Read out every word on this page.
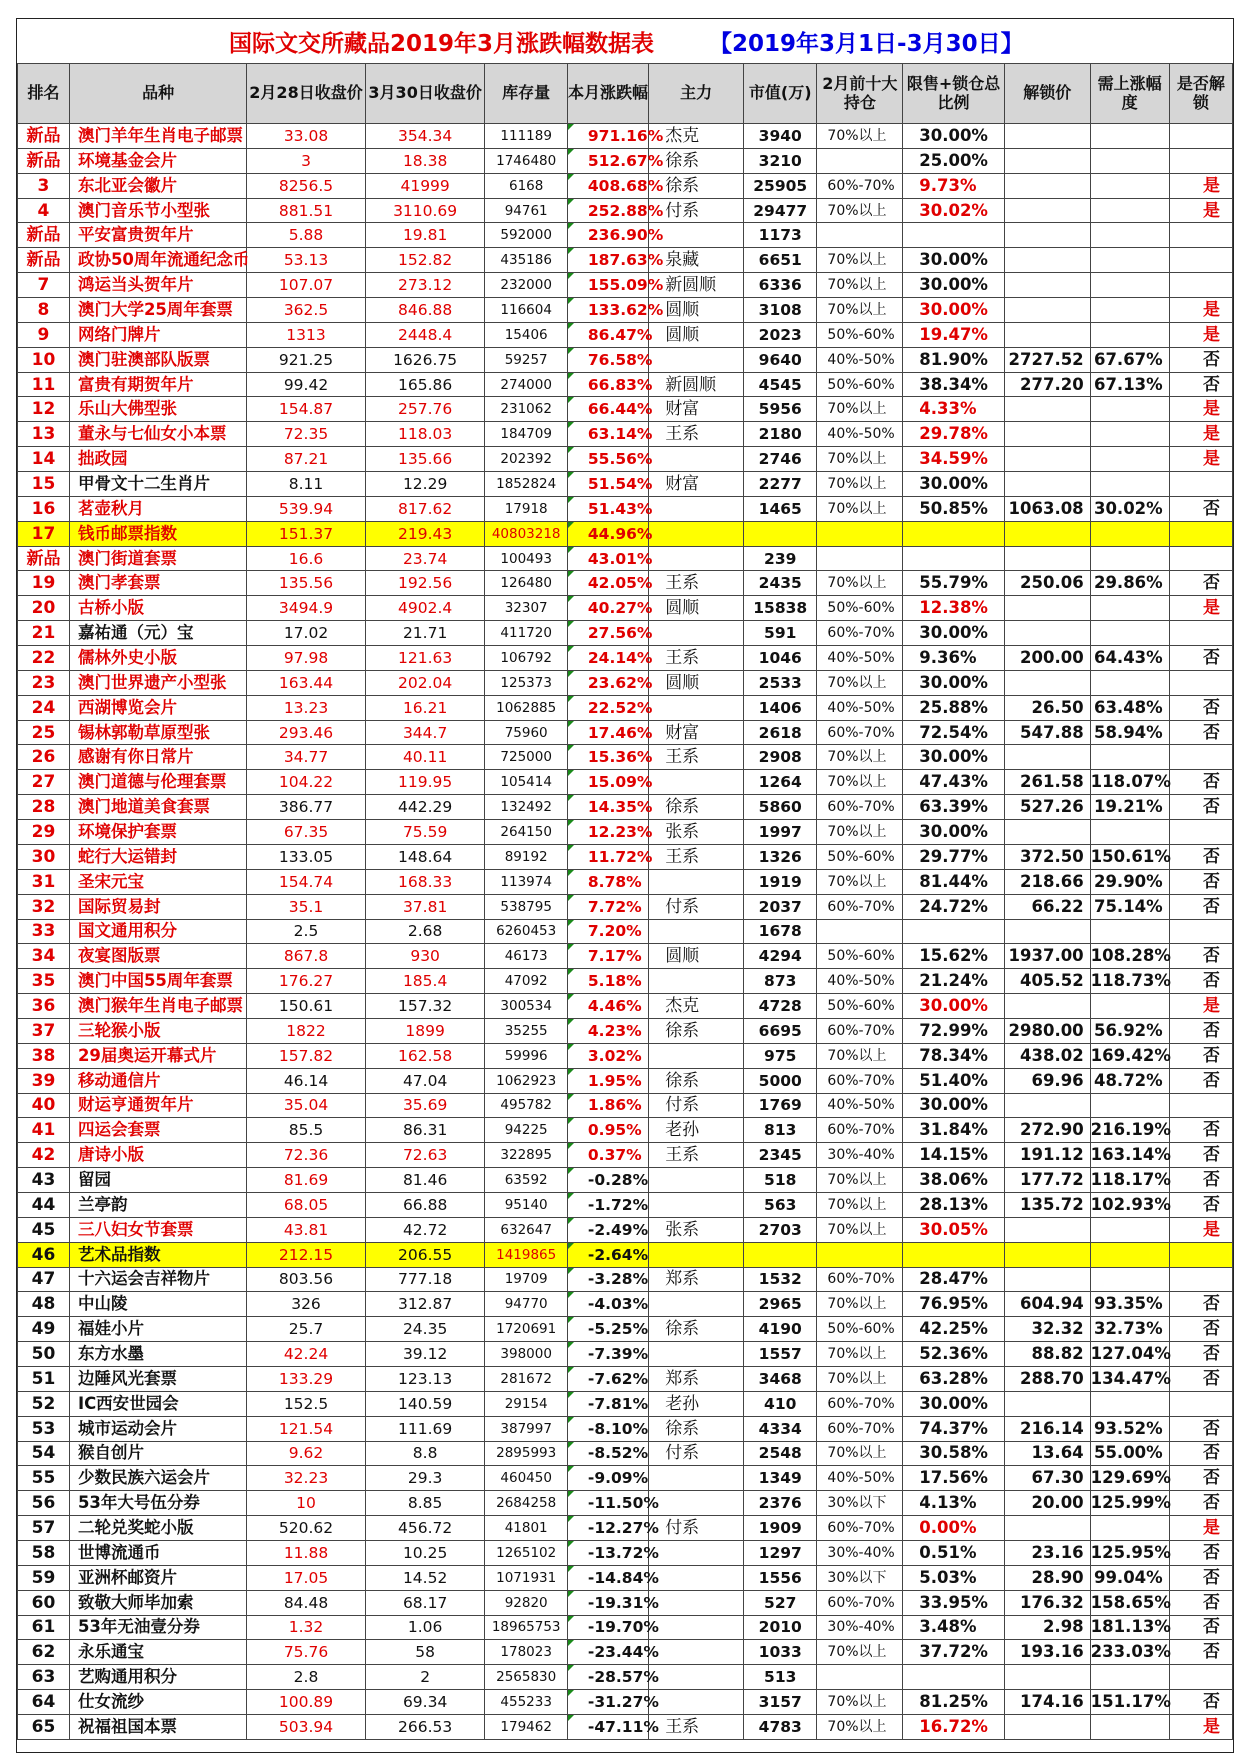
国际文交所藏品2019年3月涨跌幅数据表 【2019年3月1日-3月30日】
排名	品种	2月28日收盘价	3月30日收盘价	库存量	本月涨跌幅	主力	市值(万)	2月前十大持仓	限售+锁仓总比例	解锁价	需上涨幅度	是否解锁
新品	澳门羊年生肖电子邮票	33.08	354.34	111189	971.16%	杰克	3940	70%以上	30.00%			
新品	环境基金会片	3	18.38	1746480	512.67%	徐系	3210		25.00%			
3	东北亚会徽片	8256.5	41999	6168	408.68%	徐系	25905	60%-70%	9.73%			是
4	澳门音乐节小型张	881.51	3110.69	94761	252.88%	付系	29477	70%以上	30.02%			是
新品	平安富贵贺年片	5.88	19.81	592000	236.90%		1173					
新品	政协50周年流通纪念币	53.13	152.82	435186	187.63%	泉藏	6651	70%以上	30.00%			
7	鸿运当头贺年片	107.07	273.12	232000	155.09%	新圆顺	6336	70%以上	30.00%			
8	澳门大学25周年套票	362.5	846.88	116604	133.62%	圆顺	3108	70%以上	30.00%			是
9	网络门牌片	1313	2448.4	15406	86.47%	圆顺	2023	50%-60%	19.47%			是
10	澳门驻澳部队版票	921.25	1626.75	59257	76.58%		9640	40%-50%	81.90%	2727.52	67.67%	否
11	富贵有期贺年片	99.42	165.86	274000	66.83%	新圆顺	4545	50%-60%	38.34%	277.20	67.13%	否
12	乐山大佛型张	154.87	257.76	231062	66.44%	财富	5956	70%以上	4.33%			是
13	董永与七仙女小本票	72.35	118.03	184709	63.14%	王系	2180	40%-50%	29.78%			是
14	拙政园	87.21	135.66	202392	55.56%		2746	70%以上	34.59%			是
15	甲骨文十二生肖片	8.11	12.29	1852824	51.54%	财富	2277	70%以上	30.00%			
16	茗壶秋月	539.94	817.62	17918	51.43%		1465	70%以上	50.85%	1063.08	30.02%	否
17	钱币邮票指数	151.37	219.43	40803218	44.96%							
新品	澳门街道套票	16.6	23.74	100493	43.01%		239					
19	澳门孝套票	135.56	192.56	126480	42.05%	王系	2435	70%以上	55.79%	250.06	29.86%	否
20	古桥小版	3494.9	4902.4	32307	40.27%	圆顺	15838	50%-60%	12.38%			是
21	嘉祐通（元）宝	17.02	21.71	411720	27.56%		591	60%-70%	30.00%			
22	儒林外史小版	97.98	121.63	106792	24.14%	王系	1046	40%-50%	9.36%	200.00	64.43%	否
23	澳门世界遗产小型张	163.44	202.04	125373	23.62%	圆顺	2533	70%以上	30.00%			
24	西湖博览会片	13.23	16.21	1062885	22.52%		1406	40%-50%	25.88%	26.50	63.48%	否
25	锡林郭勒草原型张	293.46	344.7	75960	17.46%	财富	2618	60%-70%	72.54%	547.88	58.94%	否
26	感谢有你日常片	34.77	40.11	725000	15.36%	王系	2908	70%以上	30.00%			
27	澳门道德与伦理套票	104.22	119.95	105414	15.09%		1264	70%以上	47.43%	261.58	118.07%	否
28	澳门地道美食套票	386.77	442.29	132492	14.35%	徐系	5860	60%-70%	63.39%	527.26	19.21%	否
29	环境保护套票	67.35	75.59	264150	12.23%	张系	1997	70%以上	30.00%			
30	蛇行大运错封	133.05	148.64	89192	11.72%	王系	1326	50%-60%	29.77%	372.50	150.61%	否
31	圣宋元宝	154.74	168.33	113974	8.78%		1919	70%以上	81.44%	218.66	29.90%	否
32	国际贸易封	35.1	37.81	538795	7.72%	付系	2037	60%-70%	24.72%	66.22	75.14%	否
33	国文通用积分	2.5	2.68	6260453	7.20%		1678					
34	夜宴图版票	867.8	930	46173	7.17%	圆顺	4294	50%-60%	15.62%	1937.00	108.28%	否
35	澳门中国55周年套票	176.27	185.4	47092	5.18%		873	40%-50%	21.24%	405.52	118.73%	否
36	澳门猴年生肖电子邮票	150.61	157.32	300534	4.46%	杰克	4728	50%-60%	30.00%			是
37	三轮猴小版	1822	1899	35255	4.23%	徐系	6695	60%-70%	72.99%	2980.00	56.92%	否
38	29届奥运开幕式片	157.82	162.58	59996	3.02%		975	70%以上	78.34%	438.02	169.42%	否
39	移动通信片	46.14	47.04	1062923	1.95%	徐系	5000	60%-70%	51.40%	69.96	48.72%	否
40	财运亨通贺年片	35.04	35.69	495782	1.86%	付系	1769	40%-50%	30.00%			
41	四运会套票	85.5	86.31	94225	0.95%	老孙	813	60%-70%	31.84%	272.90	216.19%	否
42	唐诗小版	72.36	72.63	322895	0.37%	王系	2345	30%-40%	14.15%	191.12	163.14%	否
43	留园	81.69	81.46	63592	-0.28%		518	70%以上	38.06%	177.72	118.17%	否
44	兰亭韵	68.05	66.88	95140	-1.72%		563	70%以上	28.13%	135.72	102.93%	否
45	三八妇女节套票	43.81	42.72	632647	-2.49%	张系	2703	70%以上	30.05%			是
46	艺术品指数	212.15	206.55	1419865	-2.64%							
47	十六运会吉祥物片	803.56	777.18	19709	-3.28%	郑系	1532	60%-70%	28.47%			
48	中山陵	326	312.87	94770	-4.03%		2965	70%以上	76.95%	604.94	93.35%	否
49	福娃小片	25.7	24.35	1720691	-5.25%	徐系	4190	50%-60%	42.25%	32.32	32.73%	否
50	东方水墨	42.24	39.12	398000	-7.39%		1557	70%以上	52.36%	88.82	127.04%	否
51	边陲风光套票	133.29	123.13	281672	-7.62%	郑系	3468	70%以上	63.28%	288.70	134.47%	否
52	IC西安世园会	152.5	140.59	29154	-7.81%	老孙	410	60%-70%	30.00%			
53	城市运动会片	121.54	111.69	387997	-8.10%	徐系	4334	60%-70%	74.37%	216.14	93.52%	否
54	猴自创片	9.62	8.8	2895993	-8.52%	付系	2548	70%以上	30.58%	13.64	55.00%	否
55	少数民族六运会片	32.23	29.3	460450	-9.09%		1349	40%-50%	17.56%	67.30	129.69%	否
56	53年大号伍分券	10	8.85	2684258	-11.50%		2376	30%以下	4.13%	20.00	125.99%	否
57	二轮兑奖蛇小版	520.62	456.72	41801	-12.27%	付系	1909	60%-70%	0.00%			是
58	世博流通币	11.88	10.25	1265102	-13.72%		1297	30%-40%	0.51%	23.16	125.95%	否
59	亚洲杯邮资片	17.05	14.52	1071931	-14.84%		1556	30%以下	5.03%	28.90	99.04%	否
60	致敬大师毕加索	84.48	68.17	92820	-19.31%		527	60%-70%	33.95%	176.32	158.65%	否
61	53年无油壹分券	1.32	1.06	18965753	-19.70%		2010	30%-40%	3.48%	2.98	181.13%	否
62	永乐通宝	75.76	58	178023	-23.44%		1033	70%以上	37.72%	193.16	233.03%	否
63	艺购通用积分	2.8	2	2565830	-28.57%		513					
64	仕女流纱	100.89	69.34	455233	-31.27%		3157	70%以上	81.25%	174.16	151.17%	否
65	祝福祖国本票	503.94	266.53	179462	-47.11%	王系	4783	70%以上	16.72%			是
